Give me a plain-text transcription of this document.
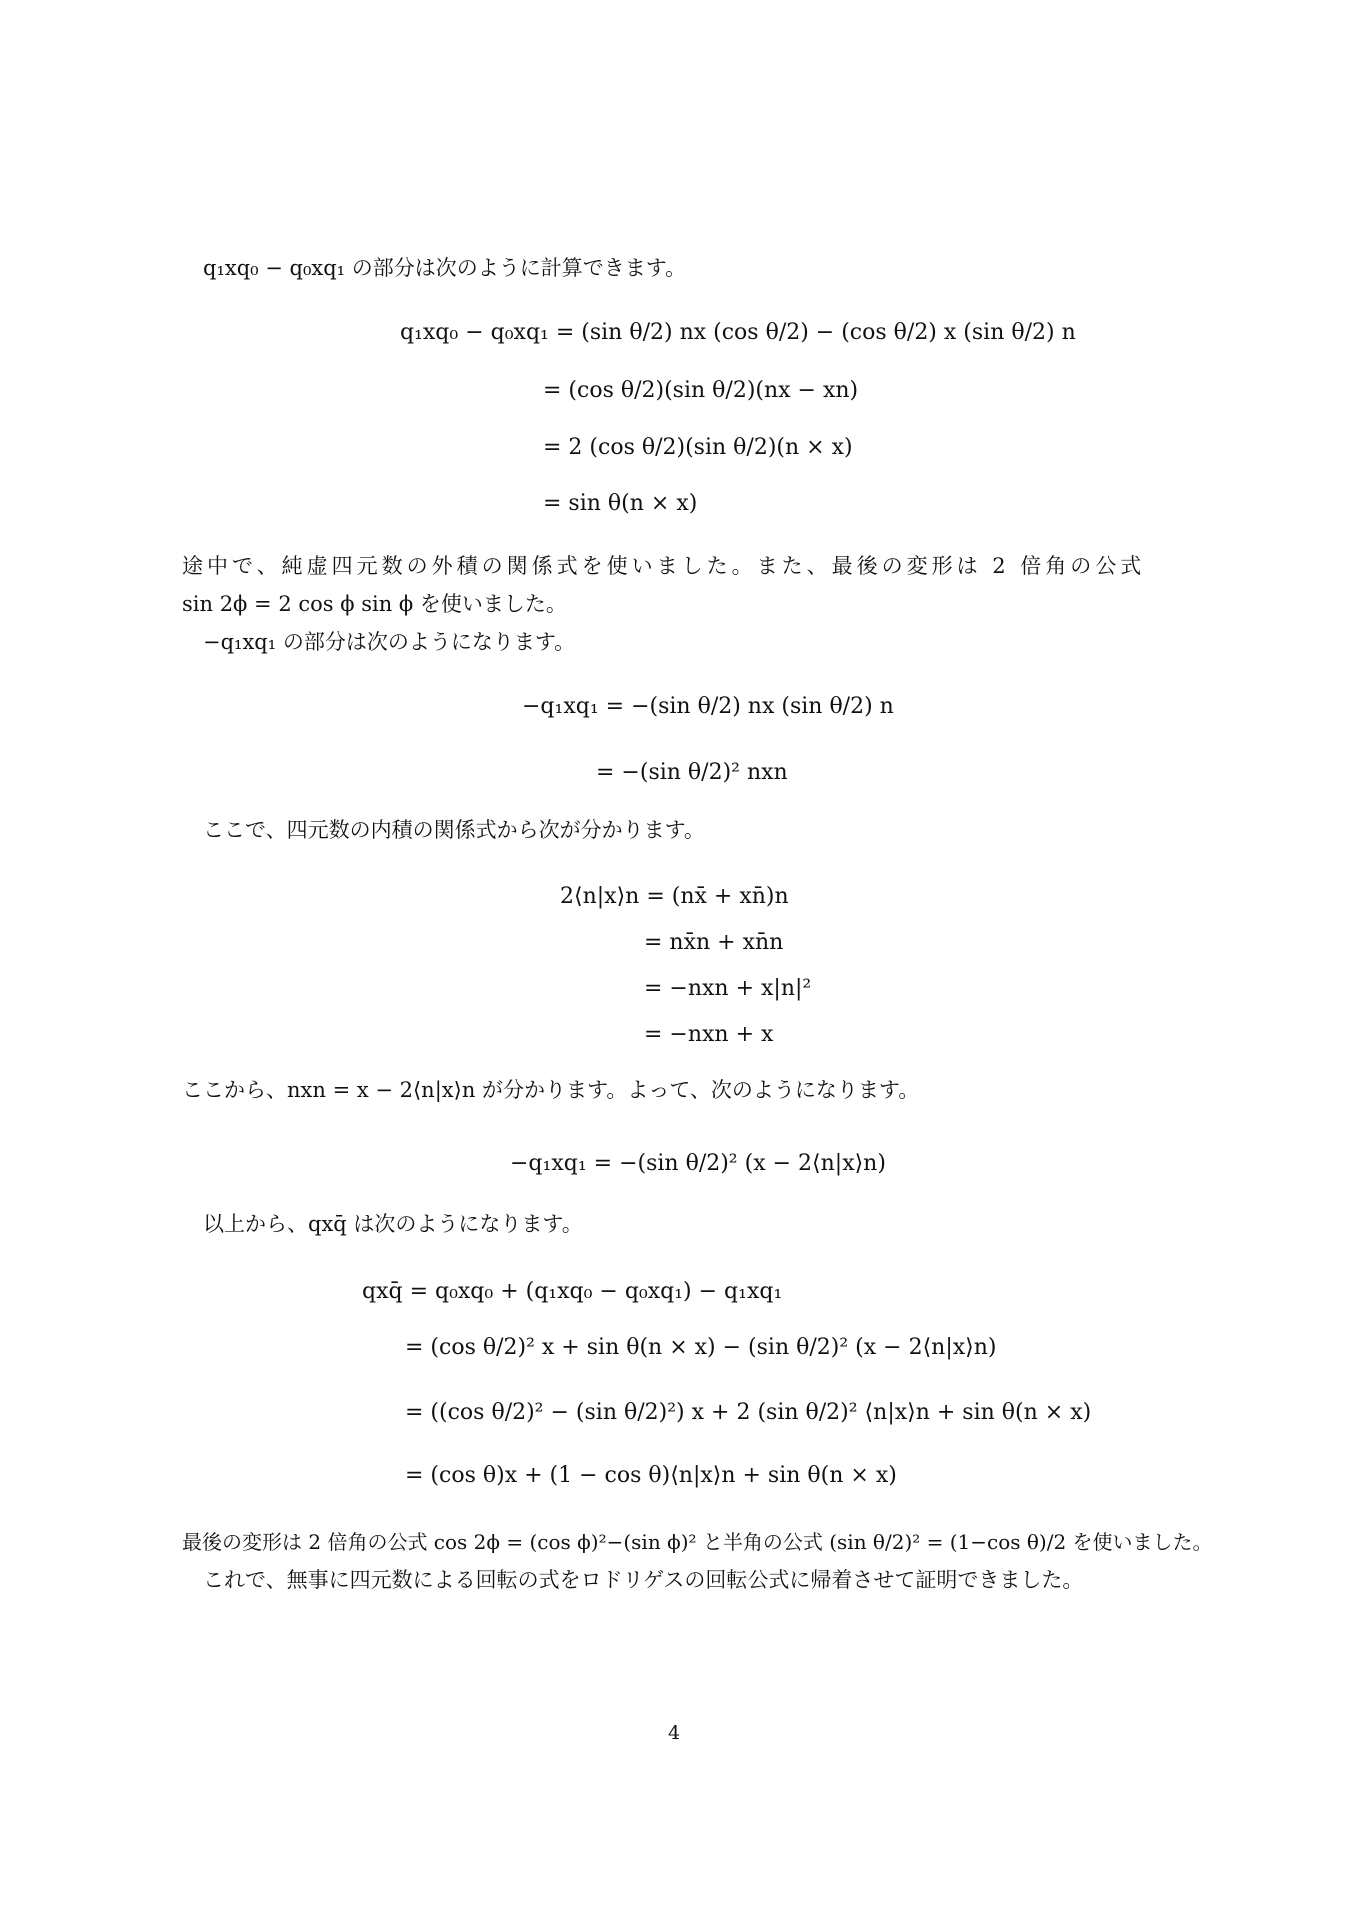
q₁xq₀ − q₀xq₁ の部分は次のように計算できます。
q₁xq₀ − q₀xq₁ = (sin θ/2) nx (cos θ/2) − (cos θ/2) x (sin θ/2) n
= (cos θ/2)(sin θ/2)(nx − xn)
= 2 (cos θ/2)(sin θ/2)(n × x)
= sin θ(n × x)
途中で、純虚四元数の外積の関係式を使いました。また、最後の変形は 2 倍角の公式
sin 2ϕ = 2 cos ϕ sin ϕ を使いました。
−q₁xq₁ の部分は次のようになります。
−q₁xq₁ = −(sin θ/2) nx (sin θ/2) n
= −(sin θ/2)² nxn
ここで、四元数の内積の関係式から次が分かります。
2⟨n|x⟩n = (nx̄ + xn̄)n
= nx̄n + xn̄n
= −nxn + x|n|²
= −nxn + x
ここから、nxn = x − 2⟨n|x⟩n が分かります。よって、次のようになります。
−q₁xq₁ = −(sin θ/2)² (x − 2⟨n|x⟩n)
以上から、qxq̄ は次のようになります。
qxq̄ = q₀xq₀ + (q₁xq₀ − q₀xq₁) − q₁xq₁
= (cos θ/2)² x + sin θ(n × x) − (sin θ/2)² (x − 2⟨n|x⟩n)
= ((cos θ/2)² − (sin θ/2)²) x + 2 (sin θ/2)² ⟨n|x⟩n + sin θ(n × x)
= (cos θ)x + (1 − cos θ)⟨n|x⟩n + sin θ(n × x)
最後の変形は 2 倍角の公式 cos 2ϕ = (cos ϕ)²−(sin ϕ)² と半角の公式 (sin θ/2)² = (1−cos θ)/2 を使いました。
これで、無事に四元数による回転の式をロドリゲスの回転公式に帰着させて証明できました。
4
